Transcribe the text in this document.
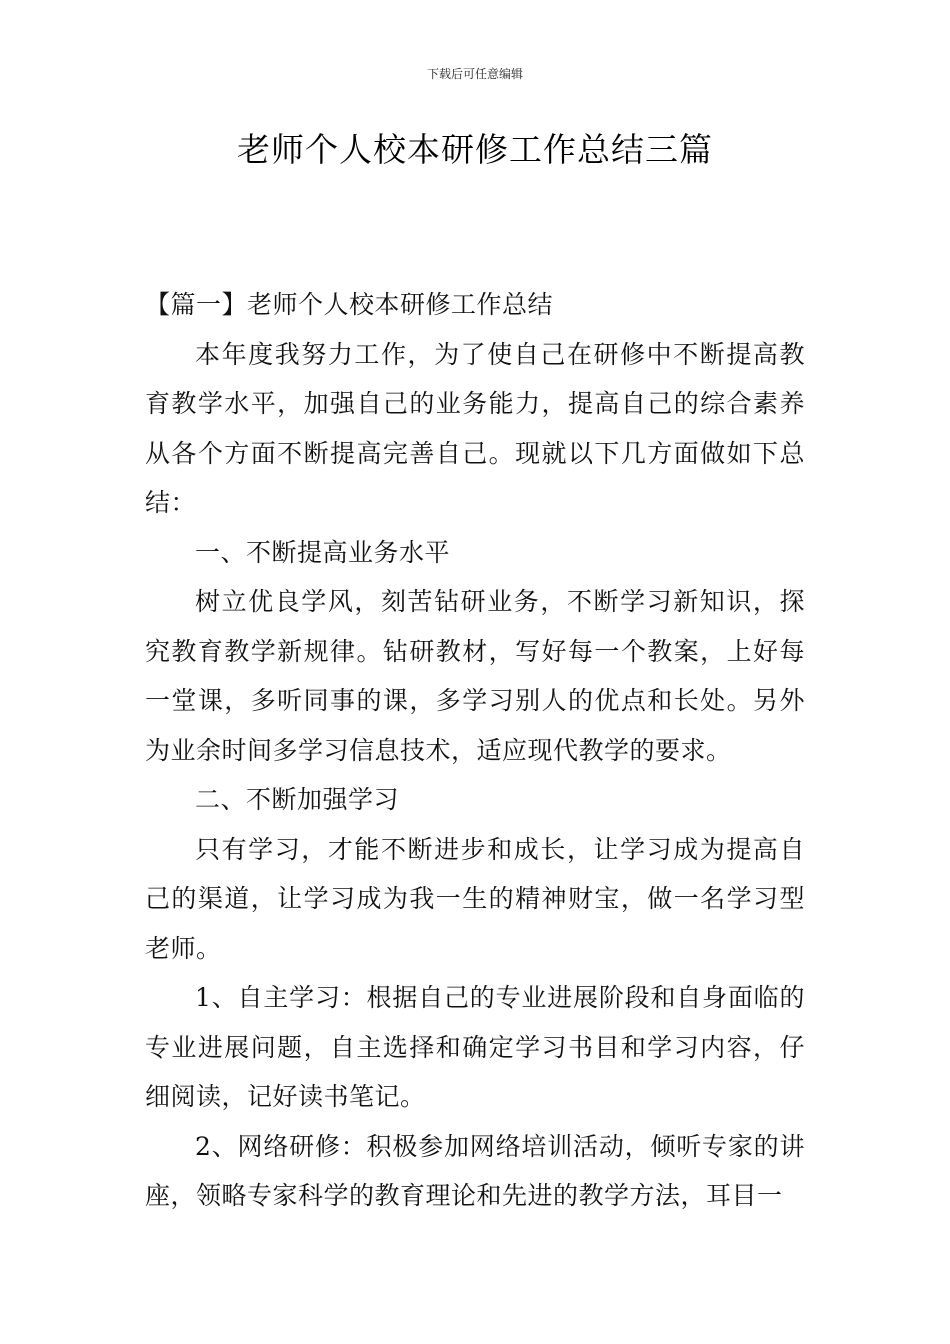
下载后可任意编辑
老师个人校本研修工作总结三篇

【篇一】老师个人校本研修工作总结

本年度我努力工作，为了使自己在研修中不断提高教育教学水平，加强自己的业务能力，提高自己的综合素养从各个方面不断提高完善自己。现就以下几方面做如下总结：

一、不断提高业务水平

树立优良学风，刻苦钻研业务，不断学习新知识，探究教育教学新规律。钻研教材，写好每一个教案，上好每一堂课，多听同事的课，多学习别人的优点和长处。另外为业余时间多学习信息技术，适应现代教学的要求。

二、不断加强学习

只有学习，才能不断进步和成长，让学习成为提高自己的渠道，让学习成为我一生的精神财宝，做一名学习型老师。

1、自主学习：根据自己的专业进展阶段和自身面临的专业进展问题，自主选择和确定学习书目和学习内容，仔细阅读，记好读书笔记。

2、网络研修：积极参加网络培训活动，倾听专家的讲座，领略专家科学的教育理论和先进的教学方法，耳目一
